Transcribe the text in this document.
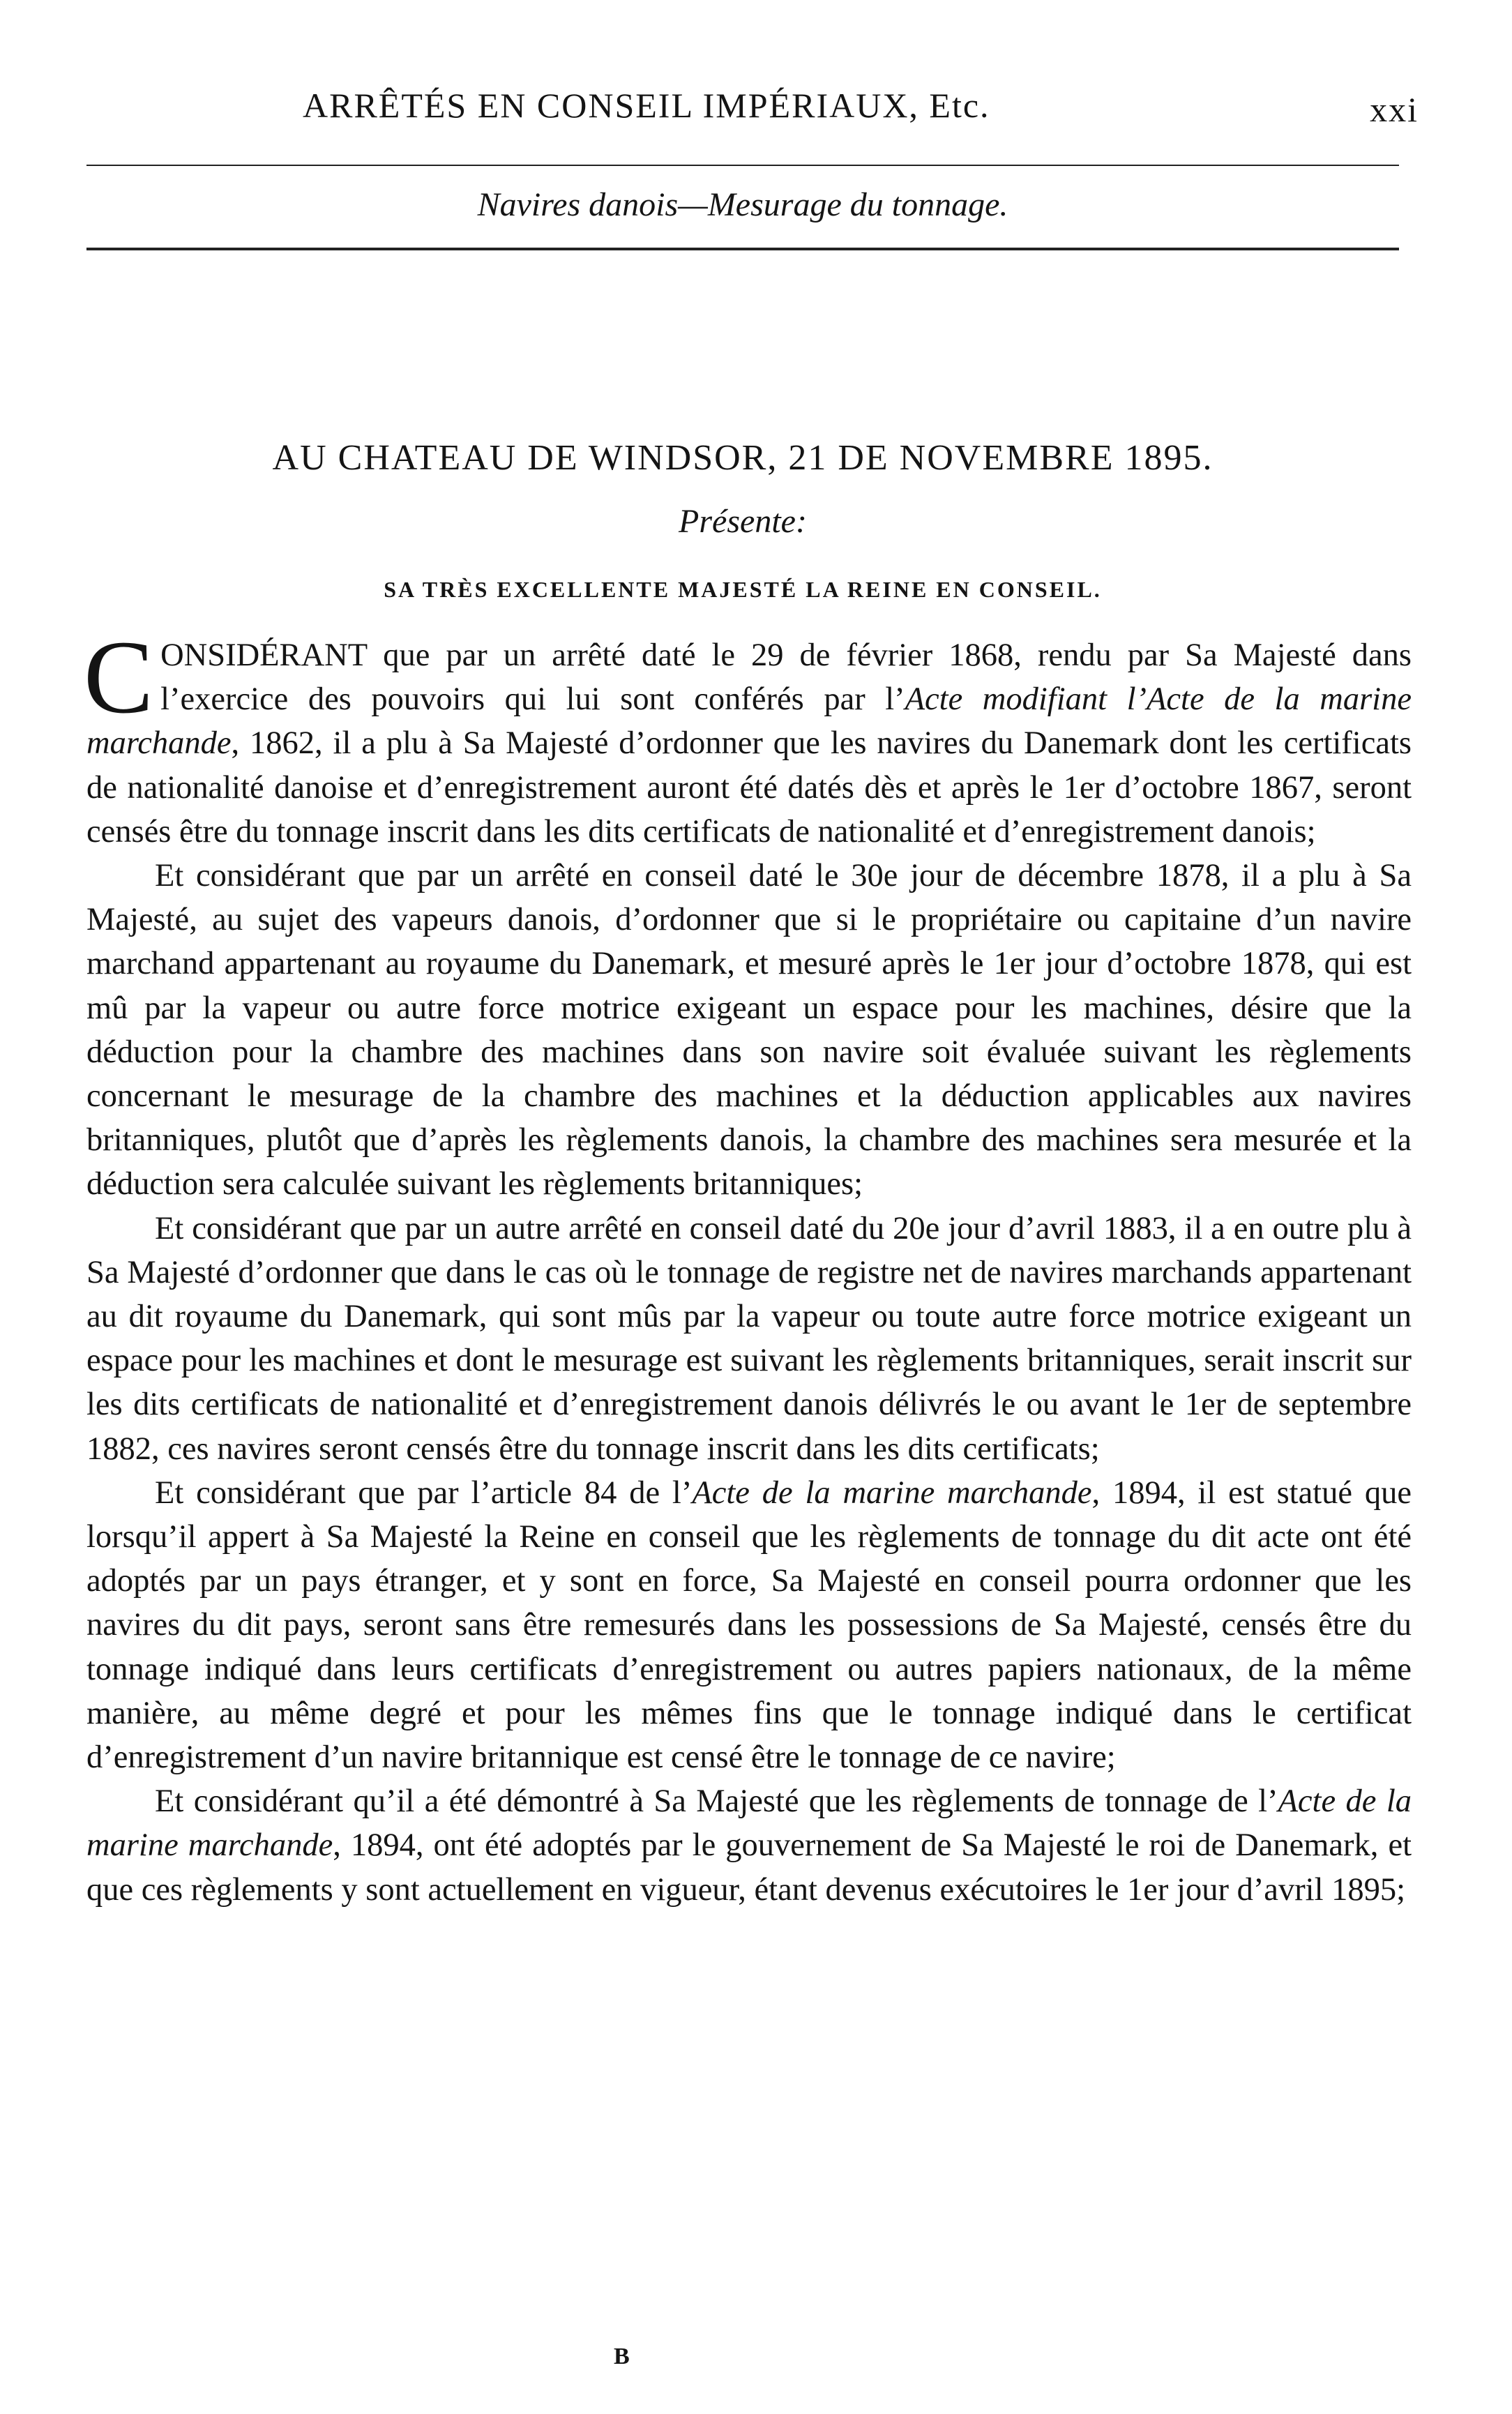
ARRÊTÉS EN CONSEIL IMPÉRIAUX, Etc.	xxi
Navires danois—Mesurage du tonnage.
AU CHATEAU DE WINDSOR, 21 DE NOVEMBRE 1895.
Présente:
SA TRÈS EXCELLENTE MAJESTÉ LA REINE EN CONSEIL.

CONSIDÉRANT que par un arrêté daté le 29 de février 1868, rendu par Sa Majesté dans l’exercice des pouvoirs qui lui sont conférés par l’Acte modifiant l’Acte de la marine marchande, 1862, il a plu à Sa Majesté d’ordonner que les navires du Danemark dont les certificats de nationalité danoise et d’enregistrement auront été datés dès et après le 1er d’octobre 1867, seront censés être du tonnage inscrit dans les dits certificats de nationalité et d’enregistrement danois;

Et considérant que par un arrêté en conseil daté le 30e jour de décembre 1878, il a plu à Sa Majesté, au sujet des vapeurs danois, d’ordonner que si le propriétaire ou capitaine d’un navire marchand appartenant au royaume du Danemark, et mesuré après le 1er jour d’octobre 1878, qui est mû par la vapeur ou autre force motrice exigeant un espace pour les machines, désire que la déduction pour la chambre des machines dans son navire soit évaluée suivant les règlements concernant le mesurage de la chambre des machines et la déduction applicables aux navires britanniques, plutôt que d’après les règlements danois, la chambre des machines sera mesurée et la déduction sera calculée suivant les règlements britanniques;

Et considérant que par un autre arrêté en conseil daté du 20e jour d’avril 1883, il a en outre plu à Sa Majesté d’ordonner que dans le cas où le tonnage de registre net de navires marchands appartenant au dit royaume du Danemark, qui sont mûs par la vapeur ou toute autre force motrice exigeant un espace pour les machines et dont le mesurage est suivant les règlements britanniques, serait inscrit sur les dits certificats de nationalité et d’enregistrement danois délivrés le ou avant le 1er de septembre 1882, ces navires seront censés être du tonnage inscrit dans les dits certificats;

Et considérant que par l’article 84 de l’Acte de la marine marchande, 1894, il est statué que lorsqu’il appert à Sa Majesté la Reine en conseil que les règlements de tonnage du dit acte ont été adoptés par un pays étranger, et y sont en force, Sa Majesté en conseil pourra ordonner que les navires du dit pays, seront sans être remesurés dans les possessions de Sa Majesté, censés être du tonnage indiqué dans leurs certificats d’enregistrement ou autres papiers nationaux, de la même manière, au même degré et pour les mêmes fins que le tonnage indiqué dans le certificat d’enregistrement d’un navire britannique est censé être le tonnage de ce navire;

Et considérant qu’il a été démontré à Sa Majesté que les règlements de tonnage de l’Acte de la marine marchande, 1894, ont été adoptés par le gouvernement de Sa Majesté le roi de Danemark, et que ces règlements y sont actuellement en vigueur, étant devenus exécutoires le 1er jour d’avril 1895;

B
